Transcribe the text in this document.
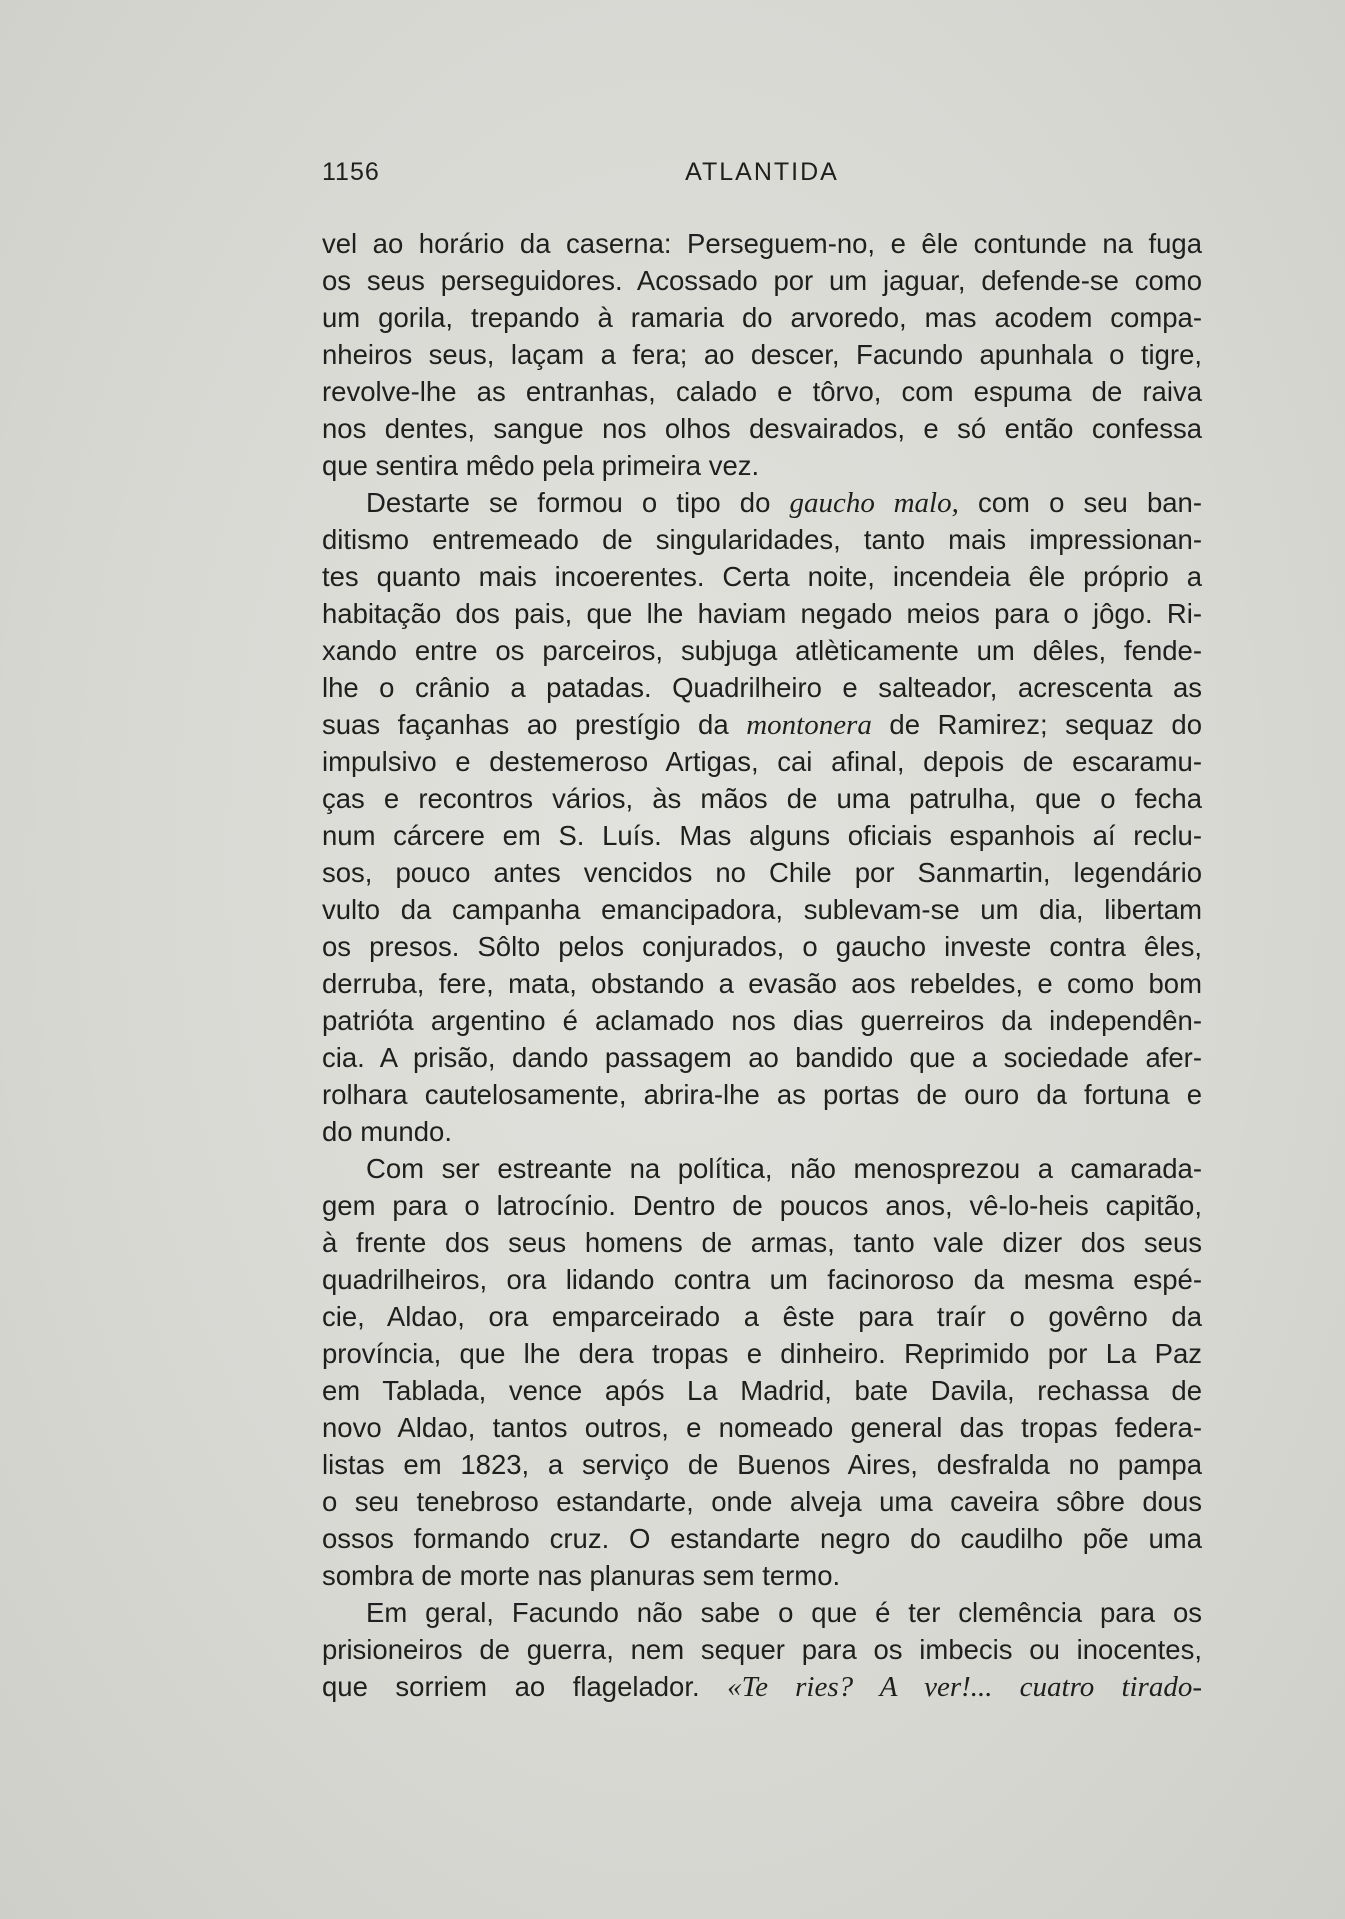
1156	ATLANTIDA
vel ao horário da caserna: Perseguem-no, e êle contunde na fuga
os seus perseguidores. Acossado por um jaguar, defende-se como
um gorila, trepando à ramaria do arvoredo, mas acodem compa-
nheiros seus, laçam a fera; ao descer, Facundo apunhala o tigre,
revolve-lhe as entranhas, calado e tôrvo, com espuma de raiva
nos dentes, sangue nos olhos desvairados, e só então confessa
que sentira mêdo pela primeira vez.
Destarte se formou o tipo do gaucho malo, com o seu ban-
ditismo entremeado de singularidades, tanto mais impressionan-
tes quanto mais incoerentes. Certa noite, incendeia êle próprio a
habitação dos pais, que lhe haviam negado meios para o jôgo. Ri-
xando entre os parceiros, subjuga atlèticamente um dêles, fende-
lhe o crânio a patadas. Quadrilheiro e salteador, acrescenta as
suas façanhas ao prestígio da montonera de Ramirez; sequaz do
impulsivo e destemeroso Artigas, cai afinal, depois de escaramu-
ças e recontros vários, às mãos de uma patrulha, que o fecha
num cárcere em S. Luís. Mas alguns oficiais espanhois aí reclu-
sos, pouco antes vencidos no Chile por Sanmartin, legendário
vulto da campanha emancipadora, sublevam-se um dia, libertam
os presos. Sôlto pelos conjurados, o gaucho investe contra êles,
derruba, fere, mata, obstando a evasão aos rebeldes, e como bom
patrióta argentino é aclamado nos dias guerreiros da independên-
cia. A prisão, dando passagem ao bandido que a sociedade afer-
rolhara cautelosamente, abrira-lhe as portas de ouro da fortuna e
do mundo.
Com ser estreante na política, não menosprezou a camarada-
gem para o latrocínio. Dentro de poucos anos, vê-lo-heis capitão,
à frente dos seus homens de armas, tanto vale dizer dos seus
quadrilheiros, ora lidando contra um facinoroso da mesma espé-
cie, Aldao, ora emparceirado a êste para traír o govêrno da
província, que lhe dera tropas e dinheiro. Reprimido por La Paz
em Tablada, vence após La Madrid, bate Davila, rechassa de
novo Aldao, tantos outros, e nomeado general das tropas federa-
listas em 1823, a serviço de Buenos Aires, desfralda no pampa
o seu tenebroso estandarte, onde alveja uma caveira sôbre dous
ossos formando cruz. O estandarte negro do caudilho põe uma
sombra de morte nas planuras sem termo.
Em geral, Facundo não sabe o que é ter clemência para os
prisioneiros de guerra, nem sequer para os imbecis ou inocentes,
que sorriem ao flagelador. «Te ries? A ver!... cuatro tirado-
